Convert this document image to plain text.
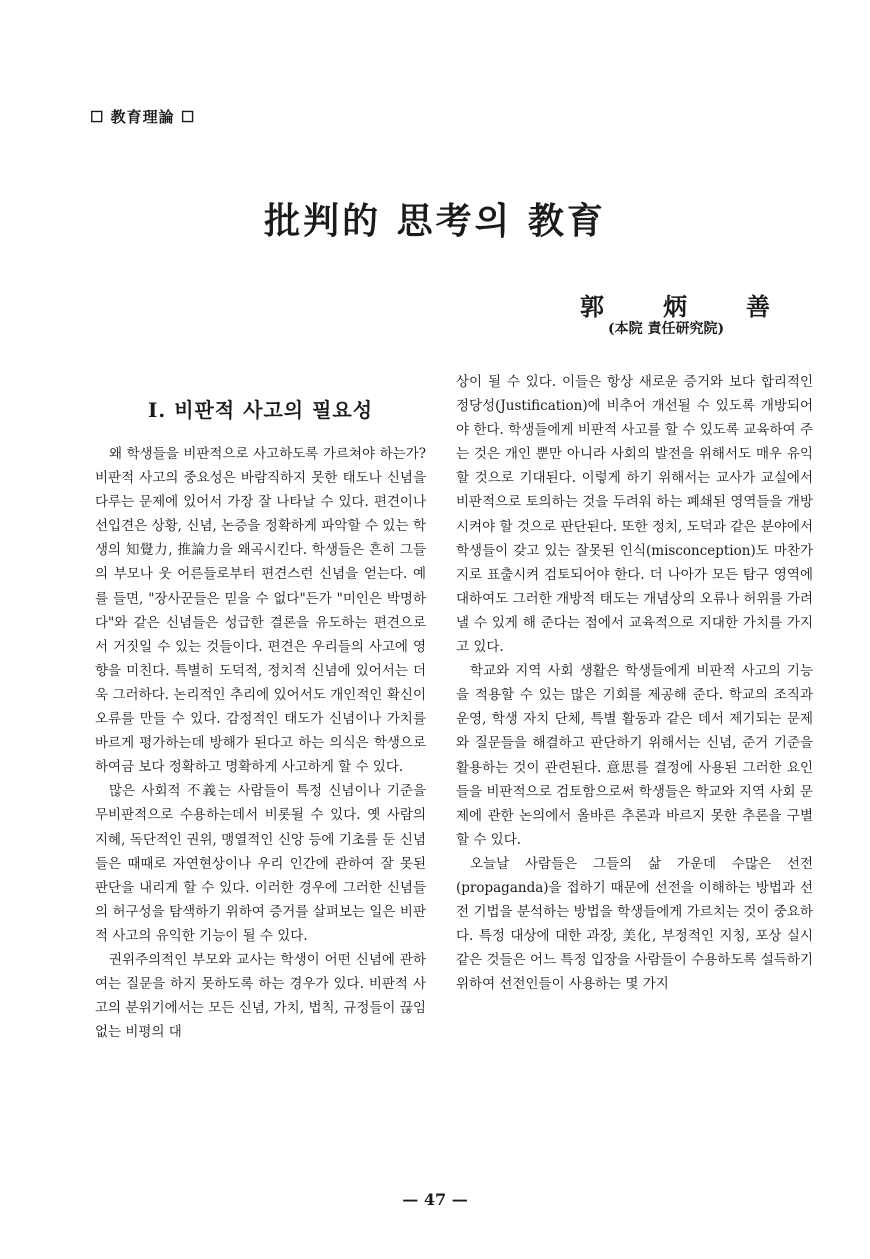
☐ 教育理論 ☐
批判的 思考의 教育
郭 炳 善
(本院 責任研究院)
Ⅰ. 비판적 사고의 필요성

왜 학생들을 비판적으로 사고하도록 가르쳐야 하는가? 비판적 사고의 중요성은 바람직하지 못한 태도나 신념을 다루는 문제에 있어서 가장 잘 나타날 수 있다. 편견이나 선입견은 상황, 신념, 논증을 정확하게 파악할 수 있는 학생의 知覺力, 推論力을 왜곡시킨다. 학생들은 흔히 그들의 부모나 웃 어른들로부터 편견스런 신념을 얻는다. 예를 들면, "장사꾼들은 믿을 수 없다"든가 "미인은 박명하다"와 같은 신념들은 성급한 결론을 유도하는 편견으로서 거짓일 수 있는 것들이다. 편견은 우리들의 사고에 영향을 미친다. 특별히 도덕적, 정치적 신념에 있어서는 더욱 그러하다. 논리적인 추리에 있어서도 개인적인 확신이 오류를 만들 수 있다. 감정적인 태도가 신념이나 가치를 바르게 평가하는데 방해가 된다고 하는 의식은 학생으로 하여금 보다 정확하고 명확하게 사고하게 할 수 있다.

많은 사회적 不義는 사람들이 특정 신념이나 기준을 무비판적으로 수용하는데서 비롯될 수 있다. 옛 사람의 지혜, 독단적인 권위, 맹열적인 신앙 등에 기초를 둔 신념들은 때때로 자연현상이나 우리 인간에 관하여 잘 못된 판단을 내리게 할 수 있다. 이러한 경우에 그러한 신념들의 허구성을 탐색하기 위하여 증거를 살펴보는 일은 비판적 사고의 유익한 기능이 될 수 있다.

권위주의적인 부모와 교사는 학생이 어떤 신념에 관하여는 질문을 하지 못하도록 하는 경우가 있다. 비판적 사고의 분위기에서는 모든 신념, 가치, 법칙, 규정들이 끊임없는 비평의 대

상이 될 수 있다. 이들은 항상 새로운 증거와 보다 합리적인 정당성(Justification)에 비추어 개선될 수 있도록 개방되어야 한다. 학생들에게 비판적 사고를 할 수 있도록 교육하여 주는 것은 개인 뿐만 아니라 사회의 발전을 위해서도 매우 유익할 것으로 기대된다. 이렇게 하기 위해서는 교사가 교실에서 비판적으로 토의하는 것을 두려워 하는 폐쇄된 영역들을 개방시켜야 할 것으로 판단된다. 또한 정치, 도덕과 같은 분야에서 학생들이 갖고 있는 잘못된 인식(misconception)도 마찬가지로 표출시켜 검토되어야 한다. 더 나아가 모든 탐구 영역에 대하여도 그러한 개방적 태도는 개념상의 오류나 허위를 가려낼 수 있게 해 준다는 점에서 교육적으로 지대한 가치를 가지고 있다.

학교와 지역 사회 생활은 학생들에게 비판적 사고의 기능을 적용할 수 있는 많은 기회를 제공해 준다. 학교의 조직과 운영, 학생 자치 단체, 특별 활동과 같은 데서 제기되는 문제와 질문들을 해결하고 판단하기 위해서는 신념, 준거 기준을 활용하는 것이 관련된다. 意思를 결정에 사용된 그러한 요인들을 비판적으로 검토함으로써 학생들은 학교와 지역 사회 문제에 관한 논의에서 올바른 추론과 바르지 못한 추론을 구별할 수 있다.

오늘날 사람들은 그들의 삶 가운데 수많은 선전(propaganda)을 접하기 때문에 선전을 이해하는 방법과 선전 기법을 분석하는 방법을 학생들에게 가르치는 것이 중요하다. 특정 대상에 대한 과장, 美化, 부정적인 지칭, 포상 실시 같은 것들은 어느 특정 입장을 사람들이 수용하도록 설득하기 위하여 선전인들이 사용하는 몇 가지

— 47 —
